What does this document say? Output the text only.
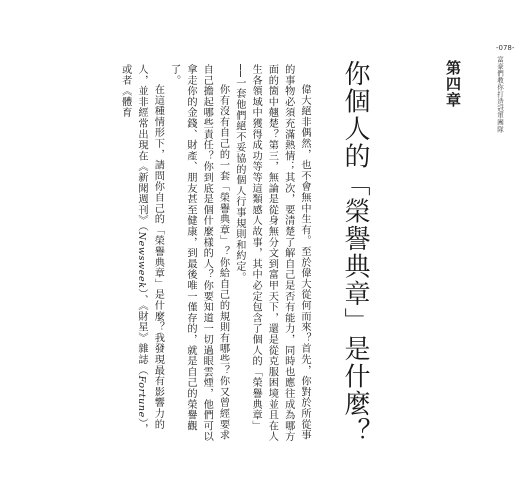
-078-
富豪們教你打造冠軍團隊
第四章
你個人的「榮譽典章」是什麼？

偉大絕非偶然，也不會無中生有。至於偉大從何而來？首先，你對於所從事的事物必須充滿熱情；其次，要清楚了解自己是否有能力，同時也應往成為哪方面的箇中翹楚？第三，無論是從身無分文到富甲天下，還是從克服困境並且在人生各領域中獲得成功等等這類感人故事，其中必定包含了個人的「榮譽典章」──一套他們絕不妥協的個人行事規則和約定。

你有沒有自己的一套「榮譽典章」？你給自己的規則有哪些？你又曾經要求自己擔起哪些責任？你到底是個什麼樣的人？你要知道一切過眼雲煙，他們可以拿走你的金錢、財產、朋友甚至健康，到最後唯一僅存的，就是自己的榮譽觀了。

在這種情形下，請問你自己的「榮譽典章」是什麼？我發現最有影響力的人，並非經常出現在《新聞週刊》（Newsweek）、《財星》雜誌（Fortune），或者《體育
